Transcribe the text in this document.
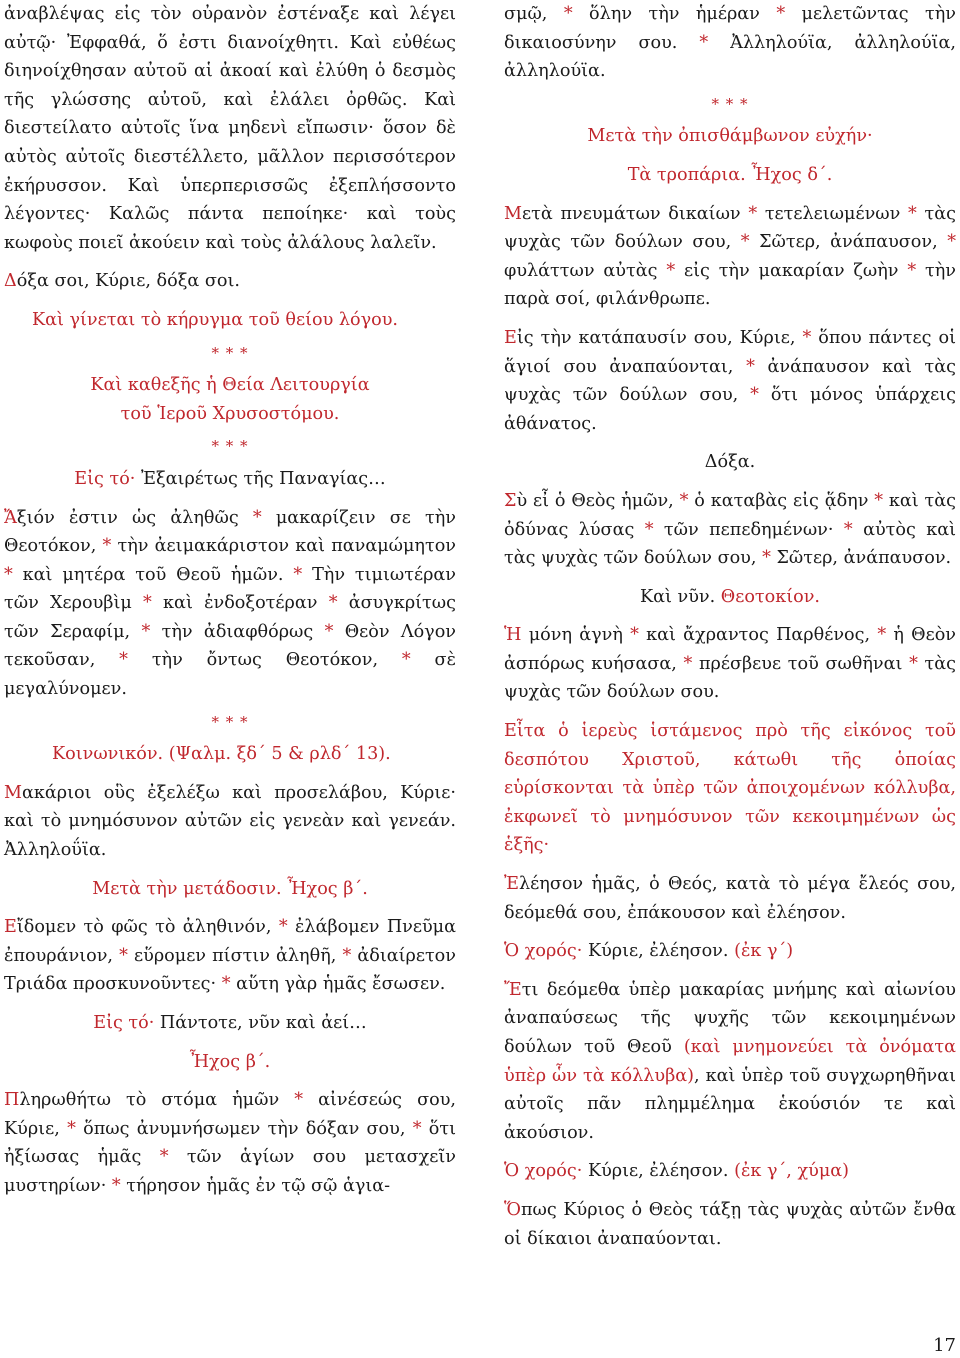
ἀναβλέψας εἰς τὸν οὐρανὸν ἐστέναξε καὶ λέγει αὐτῷ· Ἐφφαθά, ὅ ἐστι διανοίχθητι. Καὶ εὐθέως διηνοίχθησαν αὐτοῦ αἱ ἀκοαί καὶ ἐλύθη ὁ δεσμὸς τῆς γλώσσης αὐτοῦ, καὶ ἐλάλει ὀρθῶς. Καὶ διεστείλατο αὐτοῖς ἵνα μηδενὶ εἴπωσιν· ὅσον δὲ αὐτὸς αὐτοῖς διεστέλλετο, μᾶλλον περισσότερον ἐκήρυσσον. Καὶ ὑπερπερισσῶς ἐξεπλήσσοντο λέγοντες· Καλῶς πάντα πεποίηκε· καὶ τοὺς κωφοὺς ποιεῖ ἀκούειν καὶ τοὺς ἀλάλους λαλεῖν.

Δόξα σοι, Κύριε, δόξα σοι.

Καὶ γίνεται τὸ κήρυγμα τοῦ θείου λόγου.

* * *

Καὶ καθεξῆς ἡ Θεία Λειτουργία

τοῦ Ἱεροῦ Χρυσοστόμου.

* * *

Εἰς τό· Ἐξαιρέτως τῆς Παναγίας…

Ἄξιόν ἐστιν ὡς ἀληθῶς * μακαρίζειν σε τὴν Θεοτόκον, * τὴν ἀειμακάριστον καὶ παναμώμητον * καὶ μητέρα τοῦ Θεοῦ ἡμῶν. * Τὴν τιμιωτέραν τῶν Χερουβὶμ * καὶ ἐνδοξοτέραν * ἀσυγκρίτως τῶν Σεραφίμ, * τὴν ἀδιαφθόρως * Θεὸν Λόγον τεκοῦσαν, * τὴν ὄντως Θεοτόκον, * σὲ μεγαλύνομεν.

* * *

Κοινωνικόν. (Ψαλμ. ξδ΄ 5 & ρλδ΄ 13).

Μακάριοι οὓς ἐξελέξω καὶ προσελάβου, Κύριε· καὶ τὸ μνημόσυνον αὐτῶν εἰς γενεὰν καὶ γενεάν. Ἀλληλοΰϊα.

Μετὰ τὴν μετάδοσιν. Ἦχος β΄.

Εἴδομεν τὸ φῶς τὸ ἀληθινόν, * ἐλάβομεν Πνεῦμα ἐπουράνιον, * εὕρομεν πίστιν ἀληθῆ, * ἀδιαίρετον Τριάδα προσκυνοῦντες· * αὕτη γὰρ ἡμᾶς ἔσωσεν.

Εἰς τό· Πάντοτε, νῦν καὶ ἀεί…

Ἦχος β΄.

Πληρωθήτω τὸ στόμα ἡμῶν * αἰνέσεώς σου, Κύριε, * ὅπως ἀνυμνήσωμεν τὴν δόξαν σου, * ὅτι ἠξίωσας ἡμᾶς * τῶν ἁγίων σου μετασχεῖν μυστηρίων· * τήρησον ἡμᾶς ἐν τῷ σῷ ἁγια-

σμῷ, * ὅλην τὴν ἡμέραν * μελετῶντας τὴν δικαιοσύνην σου. * Ἀλληλούϊα, ἀλληλούϊα, ἀλληλούϊα.

* * *

Μετὰ τὴν ὀπισθάμβωνον εὐχήν·

Τὰ τροπάρια. Ἦχος δ΄.

Μετὰ πνευμάτων δικαίων * τετελειωμένων * τὰς ψυχὰς τῶν δούλων σου, * Σῶτερ, ἀνάπαυσον, * φυλάττων αὐτὰς * εἰς τὴν μακαρίαν ζωὴν * τὴν παρὰ σοί, φιλάνθρωπε.

Εἰς τὴν κατάπαυσίν σου, Κύριε, * ὅπου πάντες οἱ ἅγιοί σου ἀναπαύονται, * ἀνάπαυσον καὶ τὰς ψυχὰς τῶν δούλων σου, * ὅτι μόνος ὑπάρχεις ἀθάνατος.

Δόξα.

Σὺ εἶ ὁ Θεὸς ἡμῶν, * ὁ καταβὰς εἰς ᾅδην * καὶ τὰς ὀδύνας λύσας * τῶν πεπεδημένων· * αὐτὸς καὶ τὰς ψυχὰς τῶν δούλων σου, * Σῶτερ, ἀνάπαυσον.

Καὶ νῦν. Θεοτοκίον.

Ἡ μόνη ἁγνὴ * καὶ ἄχραντος Παρθένος, * ἡ Θεὸν ἀσπόρως κυήσασα, * πρέσβευε τοῦ σωθῆναι * τὰς ψυχὰς τῶν δούλων σου.

Εἶτα ὁ ἱερεὺς ἱστάμενος πρὸ τῆς εἰκόνος τοῦ δεσπότου Χριστοῦ, κάτωθι τῆς ὁποίας εὑρίσκονται τὰ ὑπὲρ τῶν ἀποιχομένων κόλλυβα, ἐκφωνεῖ τὸ μνημόσυνον τῶν κεκοιμημένων ὡς ἑξῆς·

Ἐλέησον ἡμᾶς, ὁ Θεός, κατὰ τὸ μέγα ἔλεός σου, δεόμεθά σου, ἐπάκουσον καὶ ἐλέησον.

Ὁ χορός· Κύριε, ἐλέησον. (ἐκ γ΄)

Ἔτι δεόμεθα ὑπὲρ μακαρίας μνήμης καὶ αἰωνίου ἀναπαύσεως τῆς ψυχῆς τῶν κεκοιμημένων δούλων τοῦ Θεοῦ (καὶ μνημονεύει τὰ ὀνόματα ὑπὲρ ὧν τὰ κόλλυβα), καὶ ὑπὲρ τοῦ συγχωρηθῆναι αὐτοῖς πᾶν πλημμέλημα ἑκούσιόν τε καὶ ἀκούσιον.

Ὁ χορός· Κύριε, ἐλέησον. (ἐκ γ΄, χύμα)

Ὅπως Κύριος ὁ Θεὸς τάξῃ τὰς ψυχὰς αὐτῶν ἔνθα οἱ δίκαιοι ἀναπαύονται.

17
